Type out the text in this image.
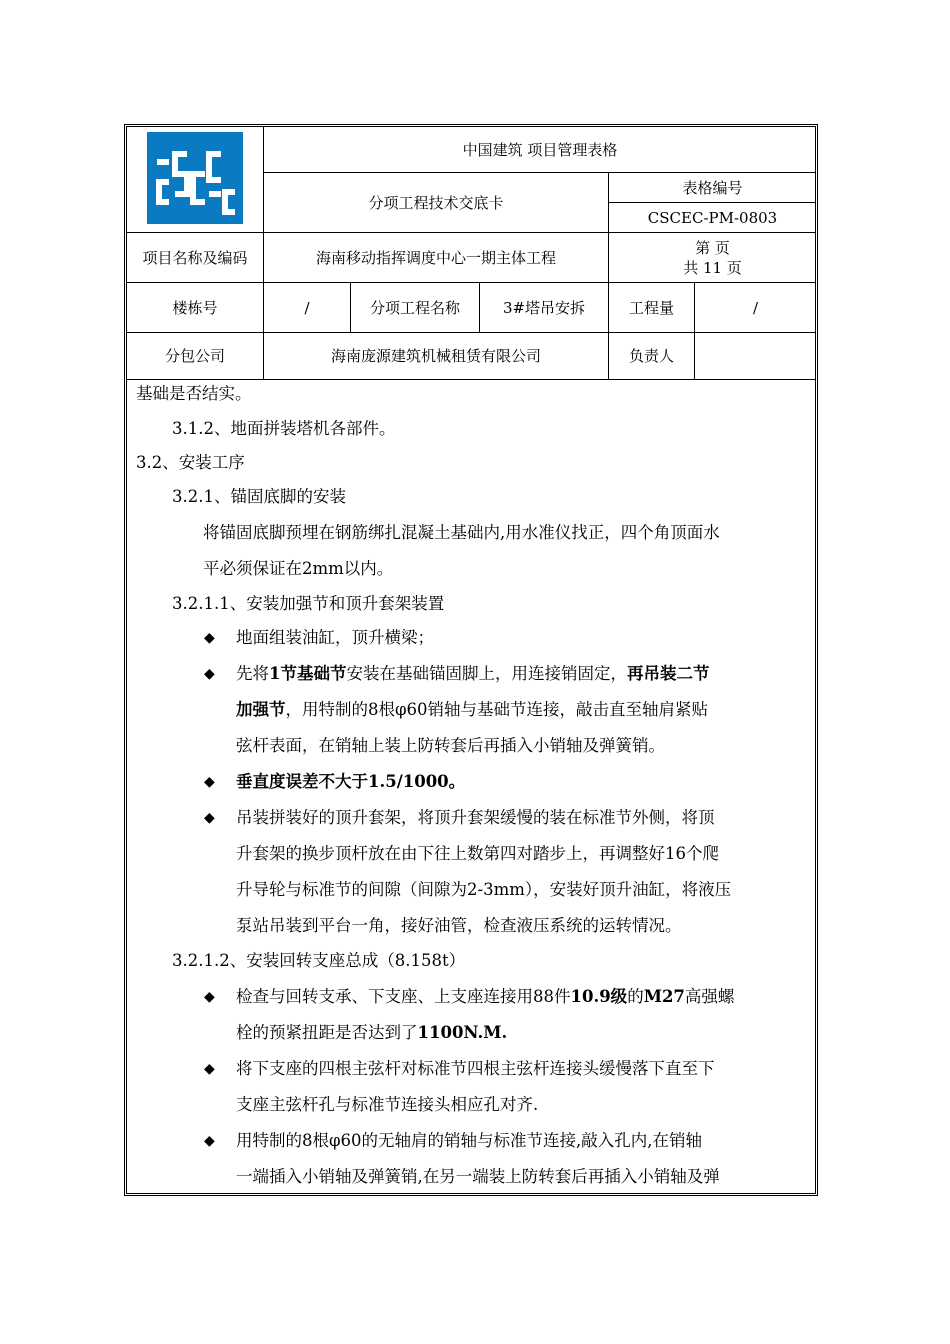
中国建筑 项目管理表格
分项工程技术交底卡
表格编号
CSCEC-PM-0803
项目名称及编码	海南移动指挥调度中心一期主体工程
第 页
共 11 页
楼栋号	/	分项工程名称	3#塔吊安拆	工程量	/
分包公司	海南庞源建筑机械租赁有限公司	负责人
基础是否结实。
3.1.2、地面拼装塔机各部件。
3.2、安装工序
3.2.1、锚固底脚的安装
将锚固底脚预埋在钢筋绑扎混凝土基础内,用水准仪找正，四个角顶面水
平必须保证在2mm以内。
3.2.1.1、安装加强节和顶升套架装置
◆	地面组装油缸，顶升横梁；
◆	先将1节基础节安装在基础锚固脚上，用连接销固定，再吊装二节
加强节，用特制的8根φ60销轴与基础节连接，敲击直至轴肩紧贴
弦杆表面，在销轴上装上防转套后再插入小销轴及弹簧销。
◆	垂直度误差不大于1.5/1000。
◆	吊装拼装好的顶升套架，将顶升套架缓慢的装在标准节外侧，将顶
升套架的换步顶杆放在由下往上数第四对踏步上，再调整好16个爬
升导轮与标准节的间隙（间隙为2-3mm），安装好顶升油缸，将液压
泵站吊装到平台一角，接好油管，检查液压系统的运转情况。
3.2.1.2、安装回转支座总成（8.158t）
◆	检查与回转支承、下支座、上支座连接用88件10.9级的M27高强螺
栓的预紧扭距是否达到了1100N.M.
◆	将下支座的四根主弦杆对标准节四根主弦杆连接头缓慢落下直至下
支座主弦杆孔与标准节连接头相应孔对齐.
◆	用特制的8根φ60的无轴肩的销轴与标准节连接,敲入孔内,在销轴
一端插入小销轴及弹簧销,在另一端装上防转套后再插入小销轴及弹
